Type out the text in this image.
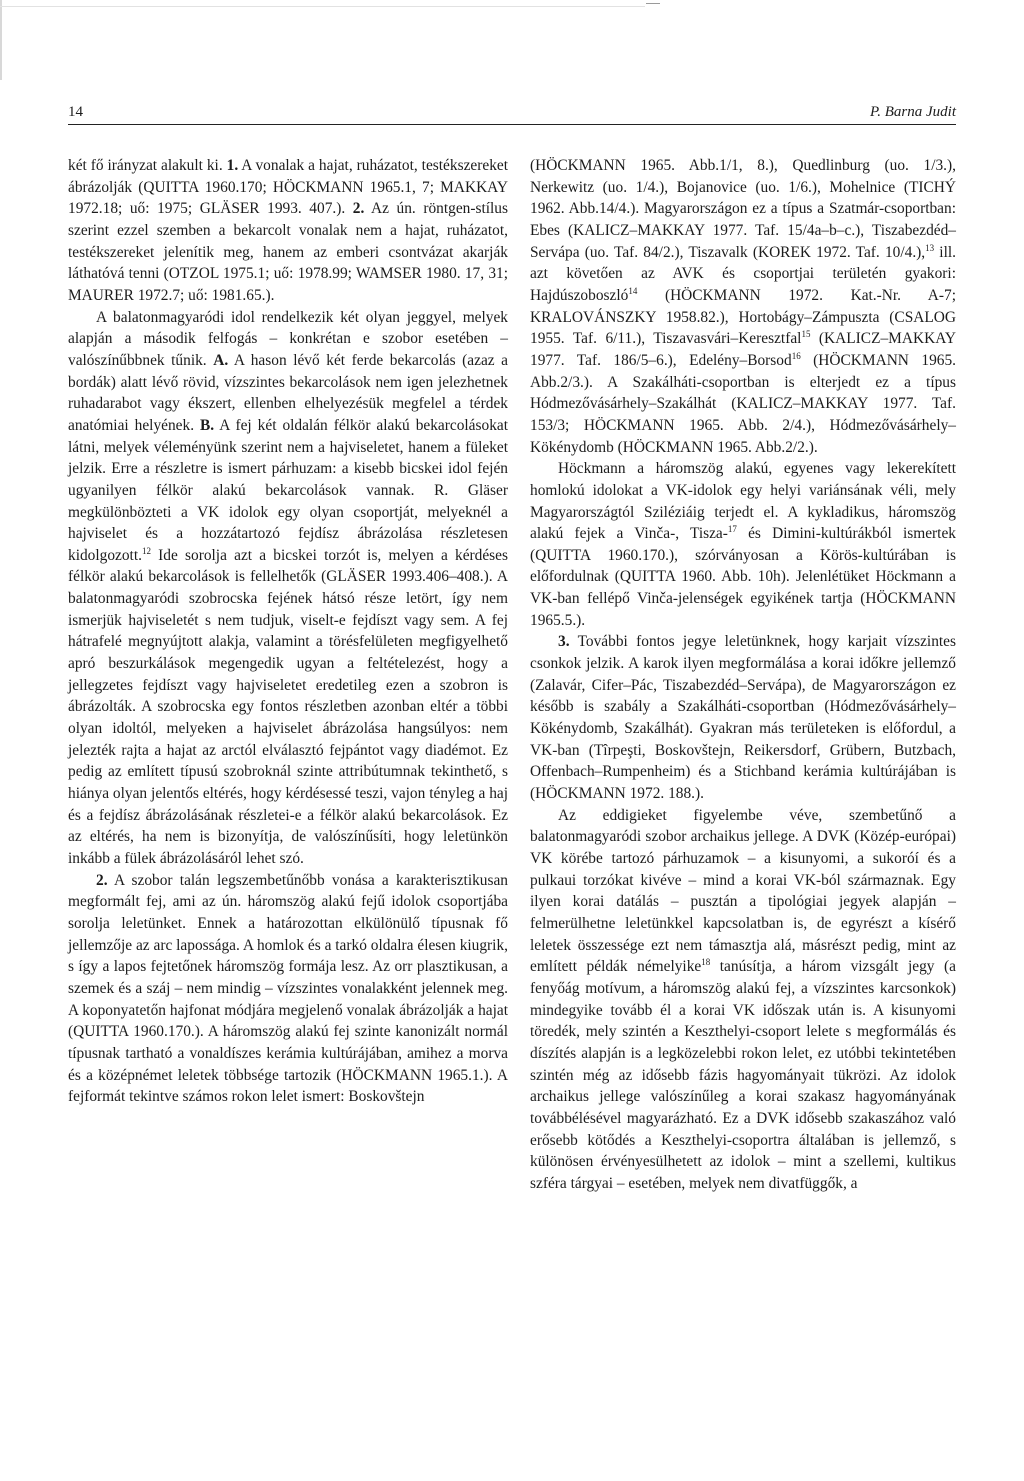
14	P. Barna Judit

két fő irányzat alakult ki. 1. A vonalak a hajat, ruházatot, testékszereket ábrázolják (QUITTA 1960.170; HÖCKMANN 1965.1, 7; MAKKAY 1972.18; uő: 1975; GLÄSER 1993. 407.). 2. Az ún. röntgen-stílus szerint ezzel szemben a bekarcolt vonalak nem a hajat, ruházatot, testékszereket jelenítik meg, hanem az emberi csontvázat akarják láthatóvá tenni (OTZOL 1975.1; uő: 1978.99; WAMSER 1980. 17, 31; MAURER 1972.7; uő: 1981.65.).

A balatonmagyaródi idol rendelkezik két olyan jeggyel, melyek alapján a második felfogás – konkrétan e szobor esetében – valószínűbbnek tűnik. A. A hason lévő két ferde bekarcolás (azaz a bordák) alatt lévő rövid, vízszintes bekarcolások nem igen jelezhetnek ruhadarabot vagy ékszert, ellenben elhelyezésük megfelel a térdek anatómiai helyének. B. A fej két oldalán félkör alakú bekarcolásokat látni, melyek véleményünk szerint nem a hajviseletet, hanem a füleket jelzik. Erre a részletre is ismert párhuzam: a kisebb bicskei idol fején ugyanilyen félkör alakú bekarcolások vannak. R. Gläser megkülönbözteti a VK idolok egy olyan csoportját, melyeknél a hajviselet és a hozzátartozó fejdísz ábrázolása részletesen kidolgozott.$^{12}$ Ide sorolja azt a bicskei torzót is, melyen a kérdéses félkör alakú bekarcolások is fellelhetők (GLÄSER 1993.406–408.). A balatonmagyaródi szobrocska fejének hátsó része letört, így nem ismerjük hajviseletét s nem tudjuk, viselt-e fejdíszt vagy sem. A fej hátrafelé megnyújtott alakja, valamint a törésfelületen megfigyelhető apró beszurkálások megengedik ugyan a feltételezést, hogy a jellegzetes fejdíszt vagy hajviseletet eredetileg ezen a szobron is ábrázolták. A szobrocska egy fontos részletben azonban eltér a többi olyan idoltól, melyeken a hajviselet ábrázolása hangsúlyos: nem jelezték rajta a hajat az arctól elválasztó fejpántot vagy diadémot. Ez pedig az említett típusú szobroknál szinte attribútumnak tekinthető, s hiánya olyan jelentős eltérés, hogy kérdésessé teszi, vajon tényleg a haj és a fejdísz ábrázolásának részletei-e a félkör alakú bekarcolások. Ez az eltérés, ha nem is bizonyítja, de valószínűsíti, hogy leletünkön inkább a fülek ábrázolásáról lehet szó.

2. A szobor talán legszembetűnőbb vonása a karakterisztikusan megformált fej, ami az ún. háromszög alakú fejű idolok csoportjába sorolja leletünket. Ennek a határozottan elkülönülő típusnak fő jellemzője az arc lapossága. A homlok és a tarkó oldalra élesen kiugrik, s így a lapos fejtetőnek háromszög formája lesz. Az orr plasztikusan, a szemek és a száj – nem mindig – vízszintes vonalakként jelennek meg. A koponyatetőn hajfonat módjára megjelenő vonalak ábrázolják a hajat (QUITTA 1960.170.). A háromszög alakú fej szinte kanonizált normál típusnak tartható a vonaldíszes kerámia kultúrájában, amihez a morva és a középnémet leletek többsége tartozik (HÖCKMANN 1965.1.). A fejformát tekintve számos rokon lelet ismert: Boskovštejn

(HÖCKMANN 1965. Abb.1/1, 8.), Quedlinburg (uo. 1/3.), Nerkewitz (uo. 1/4.), Bojanovice (uo. 1/6.), Mohelnice (TICHÝ 1962. Abb.14/4.). Magyarországon ez a típus a Szatmár-csoportban: Ebes (KALICZ–MAKKAY 1977. Taf. 15/4a–b–c.), Tiszabezdéd–Servápa (uo. Taf. 84/2.), Tiszavalk (KOREK 1972. Taf. 10/4.),$^{13}$ ill. azt követően az AVK és csoportjai területén gyakori: Hajdúszoboszló$^{14}$ (HÖCKMANN 1972. Kat.-Nr. A-7; KRALOVÁNSZKY 1958.82.), Hortobágy–Zámpuszta (CSALOG 1955. Taf. 6/11.), Tiszavasvári–Keresztfal$^{15}$ (KALICZ–MAKKAY 1977. Taf. 186/5–6.), Edelény–Borsod$^{16}$ (HÖCKMANN 1965. Abb.2/3.). A Szakálháti-csoportban is elterjedt ez a típus Hódmezővásárhely–Szakálhát (KALICZ–MAKKAY 1977. Taf. 153/3; HÖCKMANN 1965. Abb. 2/4.), Hódmezővásárhely–Kökénydomb (HÖCKMANN 1965. Abb.2/2.).

Höckmann a háromszög alakú, egyenes vagy lekerekített homlokú idolokat a VK-idolok egy helyi variánsának véli, mely Magyarországtól Sziléziáig terjedt el. A kykladikus, háromszög alakú fejek a Vinča-, Tisza-$^{17}$ és Dimini-kultúrákból ismertek (QUITTA 1960.170.), szórványosan a Körös-kultúrában is előfordulnak (QUITTA 1960. Abb. 10h). Jelenlétüket Höckmann a VK-ban fellépő Vinča-jelenségek egyikének tartja (HÖCKMANN 1965.5.).

3. További fontos jegye leletünknek, hogy karjait vízszintes csonkok jelzik. A karok ilyen megformálása a korai időkre jellemző (Zalavár, Cifer–Pác, Tiszabezdéd–Servápa), de Magyarországon ez később is szabály a Szakálháti-csoportban (Hódmezővásárhely–Kökénydomb, Szakálhát). Gyakran más területeken is előfordul, a VK-ban (Tîrpeşti, Boskovštejn, Reikersdorf, Grübern, Butzbach, Offenbach–Rumpenheim) és a Stichband kerámia kultúrájában is (HÖCKMANN 1972. 188.).

Az eddigieket figyelembe véve, szembetűnő a balatonmagyaródi szobor archaikus jellege. A DVK (Közép-európai) VK körébe tartozó párhuzamok – a kisunyomi, a sukoróí és a pulkaui torzókat kivéve – mind a korai VK-ból származnak. Egy ilyen korai datálás – pusztán a tipológiai jegyek alapján – felmerülhetne leletünkkel kapcsolatban is, de egyrészt a kísérő leletek összessége ezt nem támasztja alá, másrészt pedig, mint az említett példák némelyike$^{18}$ tanúsítja, a három vizsgált jegy (a fenyőág motívum, a háromszög alakú fej, a vízszintes karcsonkok) mindegyike tovább él a korai VK időszak után is. A kisunyomi töredék, mely szintén a Keszthelyi-csoport lelete s megformálás és díszítés alapján is a legközelebbi rokon lelet, ez utóbbi tekintetében szintén még az idősebb fázis hagyományait tükrözi. Az idolok archaikus jellege valószínűleg a korai szakasz hagyományának továbbélésével magyarázható. Ez a DVK idősebb szakaszához való erősebb kötődés a Keszthelyi-csoportra általában is jellemző, s különösen érvényesülhetett az idolok – mint a szellemi, kultikus szféra tárgyai – esetében, melyek nem divatfüggők, a
